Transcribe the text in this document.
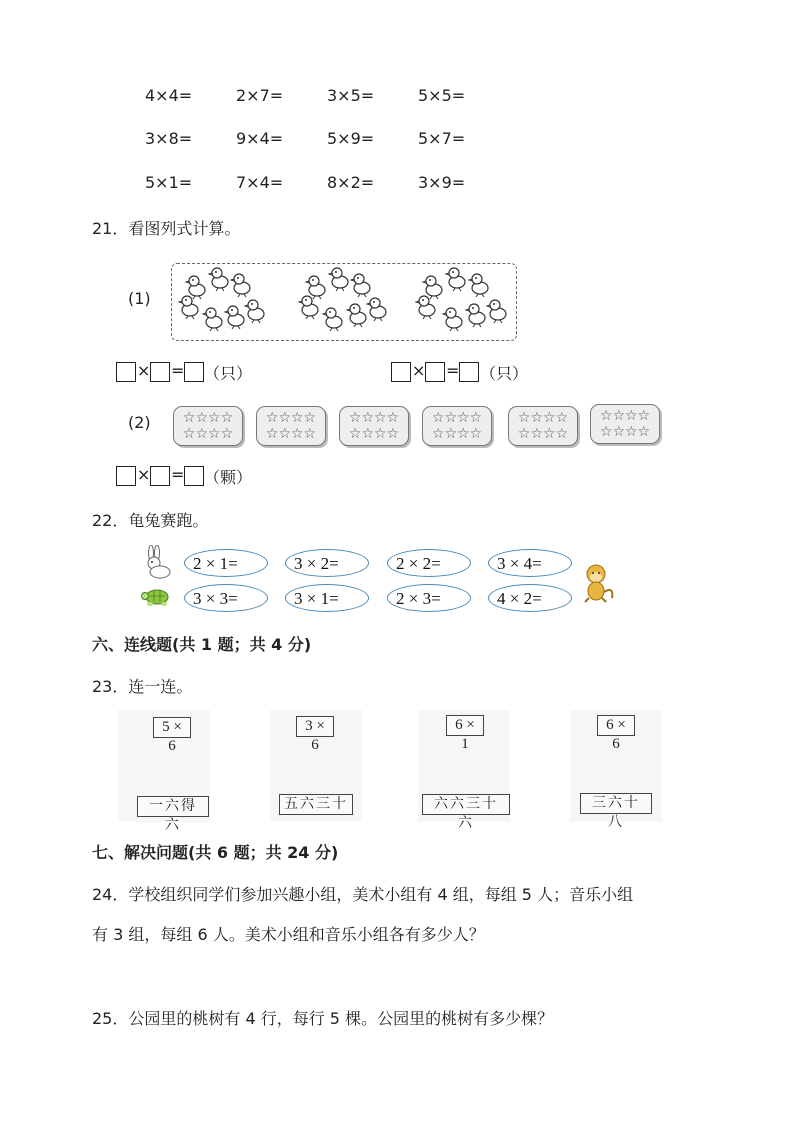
4×4=	2×7=	3×5=	5×5=
3×8=	9×4=	5×9=	5×7=
5×1=	7×4=	8×2=	3×9=
21．看图列式计算。
(1)
× = （只）	× = （只）
(2) ☆☆☆☆
☆☆☆☆
☆☆☆☆
☆☆☆☆
☆☆☆☆
☆☆☆☆
☆☆☆☆
☆☆☆☆
☆☆☆☆
☆☆☆☆
☆☆☆☆
☆☆☆☆
× = （颗）
22．龟兔赛跑。
2 × 1=	3 × 2=	2 × 2=	3 × 4=
3 × 3=	3 × 1=	2 × 3=	4 × 2=
六、连线题(共 1 题；共 4 分)
23．连一连。
5 × 6
3 × 6
6 × 1
6 × 6
一六得六
五六三十	六六三十六
三六十八
七、解决问题(共 6 题；共 24 分)
24．学校组织同学们参加兴趣小组，美术小组有 4 组，每组 5 人；音乐小组
有 3 组，每组 6 人。美术小组和音乐小组各有多少人？
25．公园里的桃树有 4 行，每行 5 棵。公园里的桃树有多少棵？
